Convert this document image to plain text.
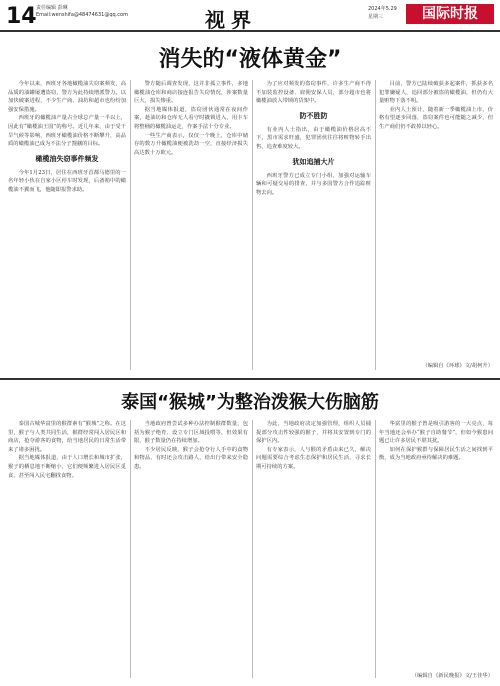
14 责任编辑 彭琳
Email:wenshifa@48474631@qq.com	视界	2024年5.29
星期三	国际时报
消失的“液体黄金”

今年以来，西班牙各地橄榄油失窃案频发，高品质的油罐屡遭盗窃，警方为此持续增派警力。以加快破案进程，不少生产商、油坊和超市也纷纷加强安保措施。

西班牙的橄榄油产量占全球总产量一半以上，因此有“橄榄油王国”的称号。近几年来，由于受干旱气候等影响，西班牙橄榄油价格不断攀升，高品质的橄榄油已成为不法分子觊觎的目标。

橄榄油失窃事件频发

今年1月23日，居住在西班牙首都马德里的一名年轻小伙在自家小区停车时发现，后备箱中的橄榄油不翼而飞，他随即报警求助。

警方随后调查发现，这并非孤立事件，多地橄榄油仓库和商店接连报告失窃情况，涉案数量巨大，损失惨重。

据当地媒体报道，盗窃团伙通常在夜间作案，趁油坊和仓库无人看守时撬锁进入，用卡车将整桶的橄榄油运走，作案手法十分专业。

一些生产商表示，仅仅一个晚上，仓库中储存的数万升橄榄油便被洗劫一空，直接经济损失高达数十万欧元。

为了应对频发的盗窃事件，许多生产商不得不加装监控设备、雇佣安保人员，部分超市也将橄榄油放入带锁的货架中。

防不胜防

有业内人士指出，由于橄榄油价格居高不下，黑市需求旺盛，犯罪团伙往往将赃物转手出售，追查难度较大。

犹如追捕大片

西班牙警方已成立专门小组，加强对运输车辆和可疑交易的排查，并与多国警方合作追踪赃物去向。

目前，警方已陆续破获多起案件，抓获多名犯罪嫌疑人，追回部分被盗的橄榄油，但仍有大量赃物下落不明。

业内人士预计，随着新一季橄榄油上市，价格有望逐步回落，盗窃案件也可能随之减少，但生产商们仍不敢掉以轻心。

（编辑自《环球》文/胡柯升）
泰国“猴城”为整治泼猴大伤脑筋

泰国古城华富里的猴群素有“猴城”之称。在这里，猴子与人类共同生活，猴群经常闯入居民区和商店，抢夺游客的食物，给当地居民的日常生活带来了诸多困扰。

据当地媒体报道，由于人口增长和城市扩张，猴子的栖息地不断缩小，它们便频繁进入居民区觅食，甚至闯入民宅翻找食物。

当地政府曾尝试多种办法控制猴群数量，包括为猴子绝育、设立专门区域投喂等，但效果有限，猴子数量仍在持续增加。

不少居民反映，猴子会抢夺行人手中的食物和物品，有时还会攻击路人，给出行带来安全隐患。

为此，当地政府决定加强管理，组织人员捕捉部分攻击性较强的猴子，并将其安置到专门的保护区内。

有专家表示，人与猴的矛盾由来已久，解决问题需要综合考虑生态保护和居民生活，寻求长期可持续的方案。

华富里的猴子曾是吸引游客的一大亮点，每年当地还会举办“猴子自助餐节”，但如今猴患问题已让许多居民不堪其扰。

如何在保护猴群与保障居民生活之间找到平衡，成为当地政府亟待解决的难题。

（编辑自《新民晚报》文/王佳华）
